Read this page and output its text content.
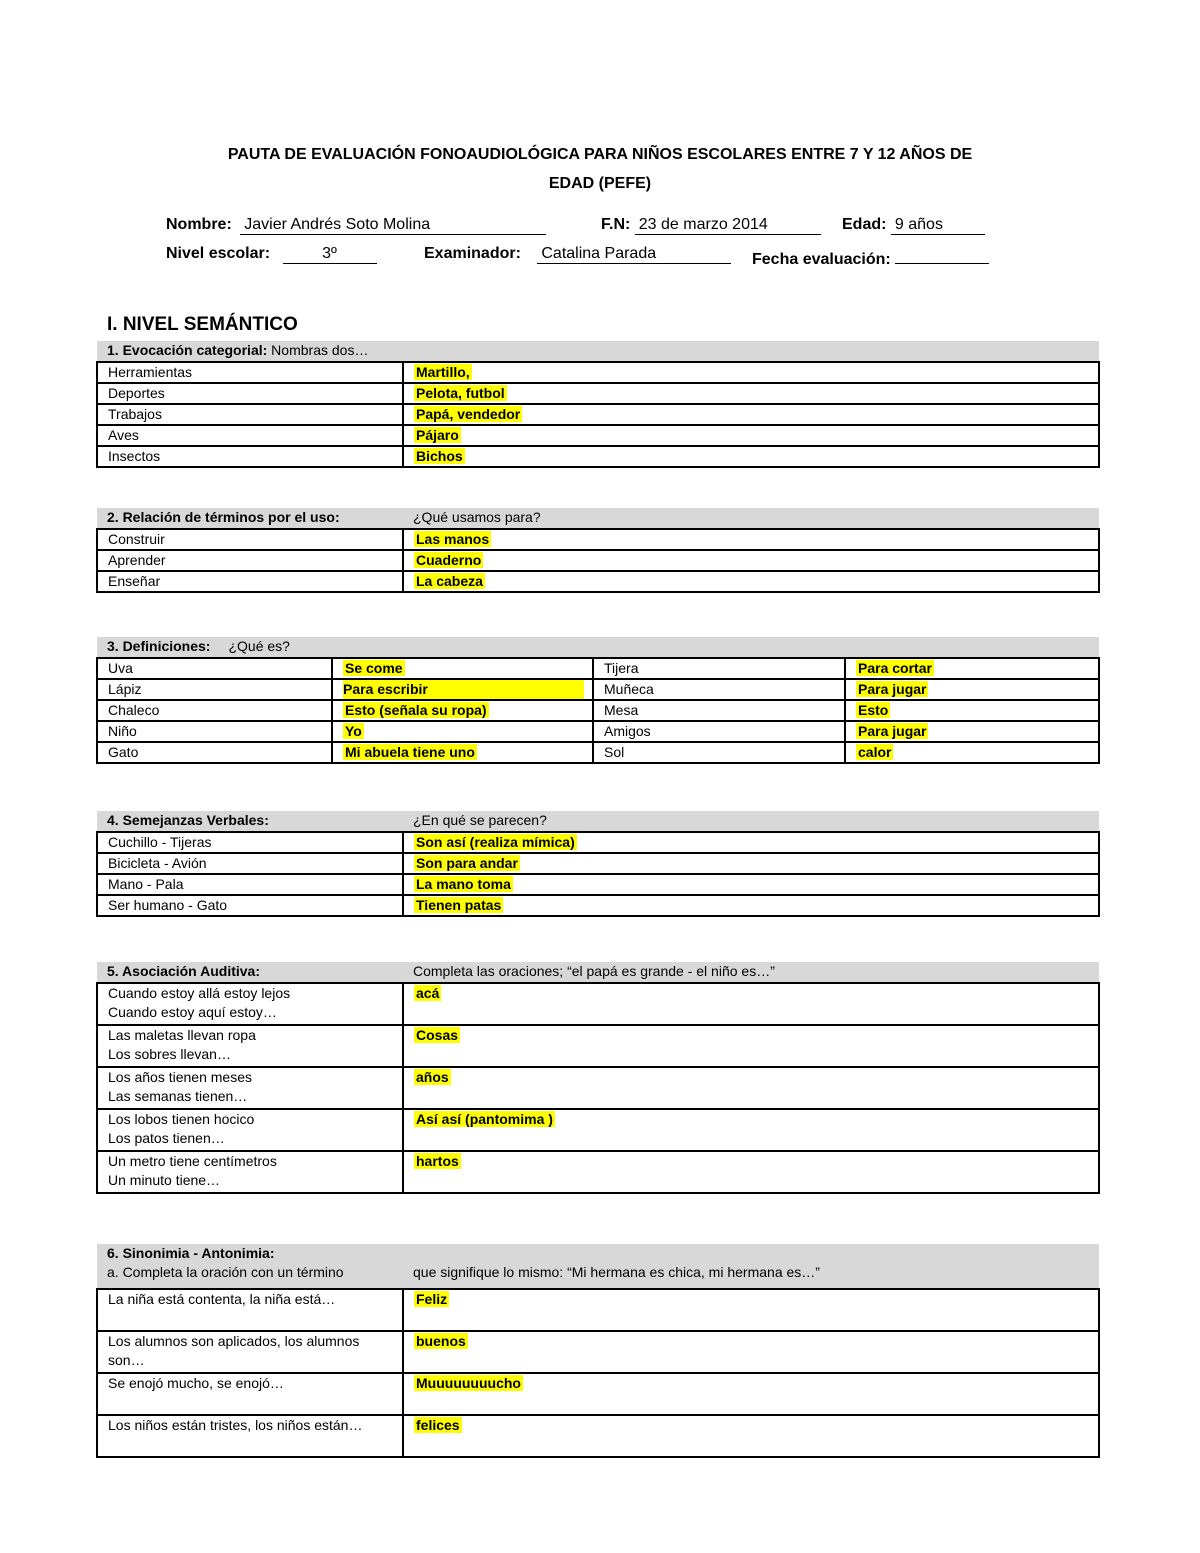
PAUTA DE EVALUACIÓN FONOAUDIOLÓGICA PARA NIÑOS ESCOLARES ENTRE 7 Y 12 AÑOS DE
EDAD (PEFE)
Nombre: Javier Andrés Soto Molina	F.N: 23 de marzo 2014	Edad: 9 años
Nivel escolar:	3º	Examinador: Catalina Parada	Fecha evaluación:
I. NIVEL SEMÁNTICO
1. Evocación categorial: Nombras dos…	
Herramientas	Martillo,
Deportes	Pelota, futbol
Trabajos	Papá, vendedor
Aves	Pájaro
Insectos	Bichos
2. Relación de términos por el uso:	¿Qué usamos para?
Construir	Las manos
Aprender	Cuaderno
Enseñar	La cabeza
3. Definiciones: ¿Qué es?			
Uva	Se come	Tijera	Para cortar
Lápiz	Para escribir	Muñeca	Para jugar
Chaleco	Esto (señala su ropa)	Mesa	Esto
Niño	Yo	Amigos	Para jugar
Gato	Mi abuela tiene uno	Sol	calor
4. Semejanzas Verbales:	¿En qué se parecen?
Cuchillo - Tijeras	Son así (realiza mímica)
Bicicleta - Avión	Son para andar
Mano - Pala	La mano toma
Ser humano - Gato	Tienen patas
5. Asociación Auditiva:	Completa las oraciones; “el papá es grande - el niño es…”

Cuando estoy allá estoy lejos
Cuando estoy aquí estoy…	acá

Las maletas llevan ropa
Los sobres llevan…	Cosas

Los años tienen meses
Las semanas tienen…	años

Los lobos tienen hocico
Los patos tienen…	Así así (pantomima )

Un metro tiene centímetros
Un minuto tiene…	hartos
6. Sinonimia - Antonimia:
a. Completa la oración con un término que signifique lo mismo: “Mi hermana es chica, mi hermana es…”	

La niña está contenta, la niña está…	Feliz
Los alumnos son aplicados, los alumnos son…	buenos
Se enojó mucho, se enojó…	Muuuuuuuucho
Los niños están tristes, los niños están…	felices
